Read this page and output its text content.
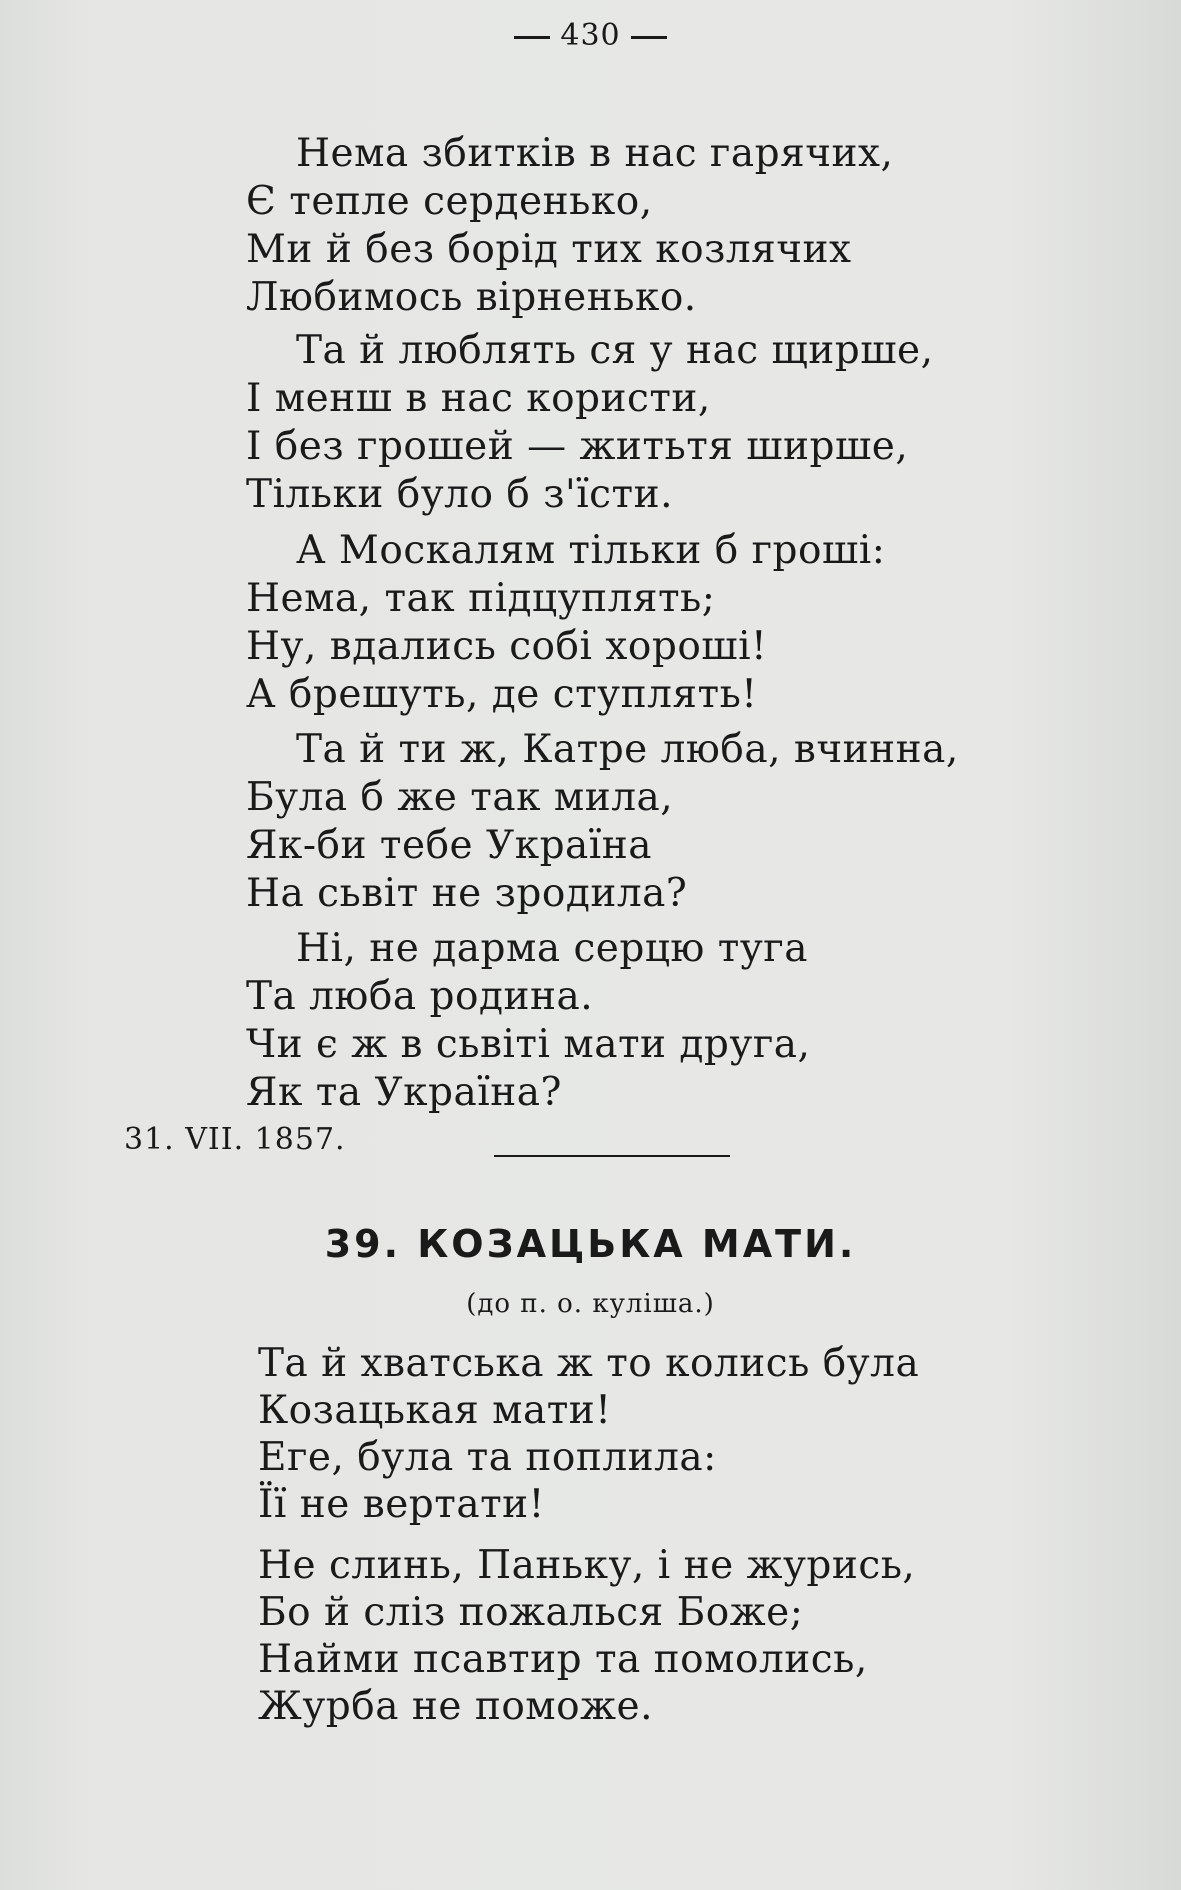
430
Нема збитків в нас гарячих,
Є тепле серденько,
Ми й без борід тих козлячих
Любимось вірненько.
Та й люблять ся у нас щирше,
І менш в нас користи,
І без грошей — житьтя ширше,
Тільки було б з'їсти.
А Москалям тільки б гроші:
Нема, так підцуплять;
Ну, вдались собі хороші!
А брешуть, де ступлять!
Та й ти ж, Катре люба, вчинна,
Була б же так мила,
Як-би тебе Україна
На сьвіт не зродила?
Ні, не дарма серцю туга
Та люба родина.
Чи є ж в сьвіті мати друга,
Як та Україна?
31. VII. 1857.
39. КОЗАЦЬКА МАТИ.
(до п. о. куліша.)
Та й хватська ж то колись була
Козацькая мати!
Еге, була та поплила:
Її не вертати!
Не слинь, Паньку, і не журись,
Бо й сліз пожалься Боже;
Найми псавтир та помолись,
Журба не поможе.
